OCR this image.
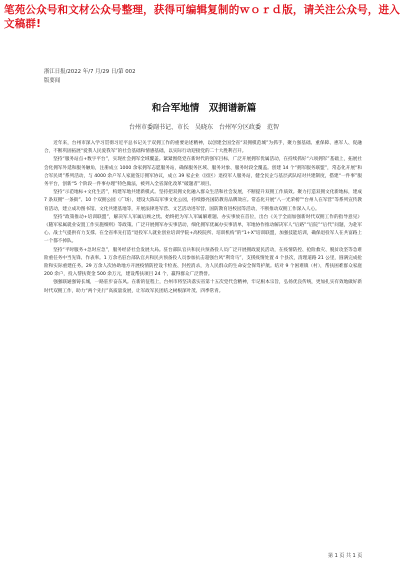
笔苑公众号和文材公众号整理，获得可编辑复制的ｗｏｒｄ版，请关注公众号，进入文稿群!
浙江日报/2022 年/7 月/29 日/第 002
版要闻
和合军地情　双拥谱新篇
台州市委副书记、市长　吴晓东　台州军分区政委　范智

近年来，台州市深入学习贯彻习近平总书记关于双拥工作的重要论述精神，以创建全国全省“双拥模范城”为抓手，聚力强基础、重保障、惠军人、促融合，不断巩固拓展“爱我人民爱我军”的社会基础和情感基础，以实际行动迎接党的二十大胜利召开。

坚持“服务站点+数字平台”，实现社会拥军全域覆盖。紧紧围绕党在新时代的强军目标，广泛开展拥军优属活动，在持续抓好“六项拥军”基础上，拓展社会化拥军外延和服务触角，注册成立 1000 余家拥军志愿服务站，确保服务区域、服务对象、服务时段全覆盖。创建 14 个“拥军服务联盟”，常态化开展“和合军民周”系列活动，与 4000 余户军人家庭签订拥军协议，成立 39 家企业（园区）退役军人服务站，健全民企与基层武队结对共建制度，搭建“一件事”服务平台，创新“5 个阶段一件事办理”特色做法，被列入全省深化改革“破题者”项目。

坚持“示范地标+文化生活”，构建军地共建新模式。坚持把双拥文化融入群众生活和社会发展，不断提升双拥工作质效。聚力打造双拥文化新地标，建成 7 条双拥“一条街”、10 个双拥公园（广场），建设大陈岛军事文化公园，持续擦亮国防教育品牌效应。常态化开展“八一光荣榜”“台州人在军营”等系列宣传教育活动，建立成功图书馆、文化共建基地等，开展法律进军营、文艺活动进军营、国防教育进校园等活动，不断推动双拥工作深入人心。

坚持“政策推动+培训联盟”，解决军人军属后顾之忧。始终把为军人军属解难题、办实事放在首位，出台《关于全面加强新时代双拥工作的指导意见》《随军家属就业安置工作实施细则》等政策。广泛开展拥军办实事活动，细化拥军优属办实事清单，军地协作推动解决军人“后路”“后院”“后代”问题，为赴军心、战士气提供有力支撑。在全省率先打造“退役军人就业创业培训学院+高校院所、培训机构”的“1+X”培训联盟，加强技能培训，确保退役军人在共富路上一个都不掉队。

坚持“平时服务+急时应急”，服务经济社会发展大局。驻台部队官兵和民兵预备役人员广泛开展拥政爱民活动，在疫情防控、抢险救灾、脱贫攻坚等急难险重任务中当先锋、作表率。1 万余名驻台部队官兵和民兵预备役人员参加抗击超强台风“利奇马”，支援疫情处置 4 个县次，清理道路 21 公里，圆满完成抢险和实际重建任务。29 万余人次协助地方开展疫情防控设卡检查、封控消杀，为人民群众的生命安全保驾护航。结对 9 个困难镇（村），帮扶困难群众家庭 200 余户，投入帮扶资金 500 余万元，建设帮扶项目 24 个，赢得群众广泛赞誉。

强强联通强铸长城，一路驻步奋东风。在新的征程上，台州市将坚决落实省第十五次党代会精神，牢记根本宗旨，弘扬优良传统，更加扎实有效地做好新时代双拥工作，助力“两个先行”高质量发展，让军政军民团结之树根深叶茂、四季常青。

第 1 页 共 1 页
